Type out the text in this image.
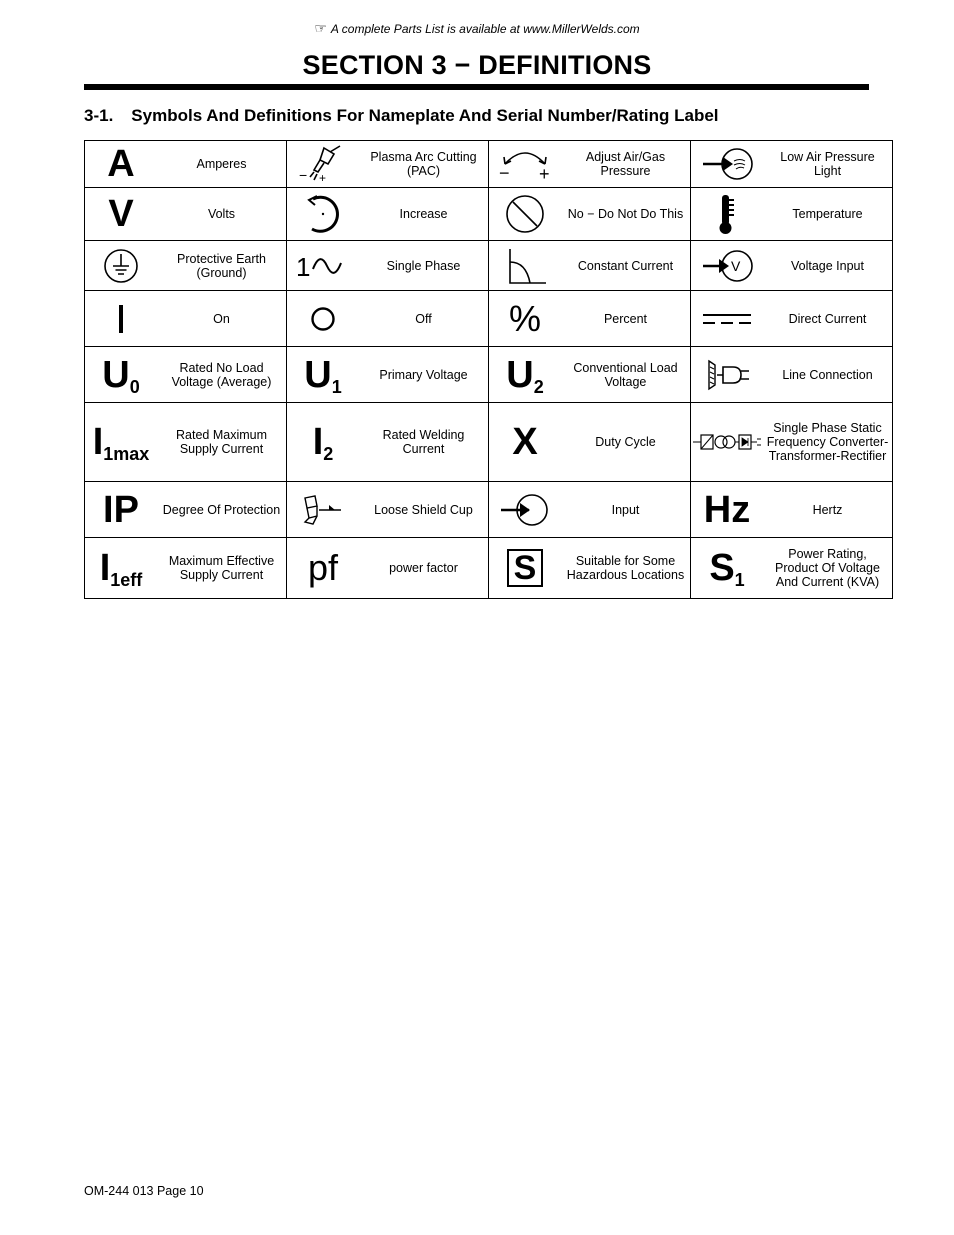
☞ A complete Parts List is available at www.MillerWelds.com
SECTION 3 − DEFINITIONS
3-1. Symbols And Definitions For Nameplate And Serial Number/Rating Label
A	Amperes	− +	Plasma Arc Cutting (PAC)	− +	Adjust Air/Gas Pressure		Low Air Pressure Light
V	Volts		Increase		No − Do Not Do This		Temperature

	Protective Earth (Ground)	1	Single Phase		Constant Current	V	Voltage Input

	On		Off	%	Percent		Direct Current
$U_0$	Rated No Load Voltage (Average)	$U_1$	Primary Voltage	$U_2$	Conventional Load Voltage		Line Connection
$I_{1max}$	Rated Maximum Supply Current	$I_2$	Rated Welding Current	X	Duty Cycle		Single Phase Static Frequency Converter-Transformer-Rectifier
IP	Degree Of Protection		Loose Shield Cup		Input	Hz	Hertz
$I_{1eff}$	Maximum Effective Supply Current	pf	power factor	S	Suitable for Some Hazardous Locations	$S_1$	Power Rating, Product Of Voltage And Current (KVA)
OM-244 013 Page 10
